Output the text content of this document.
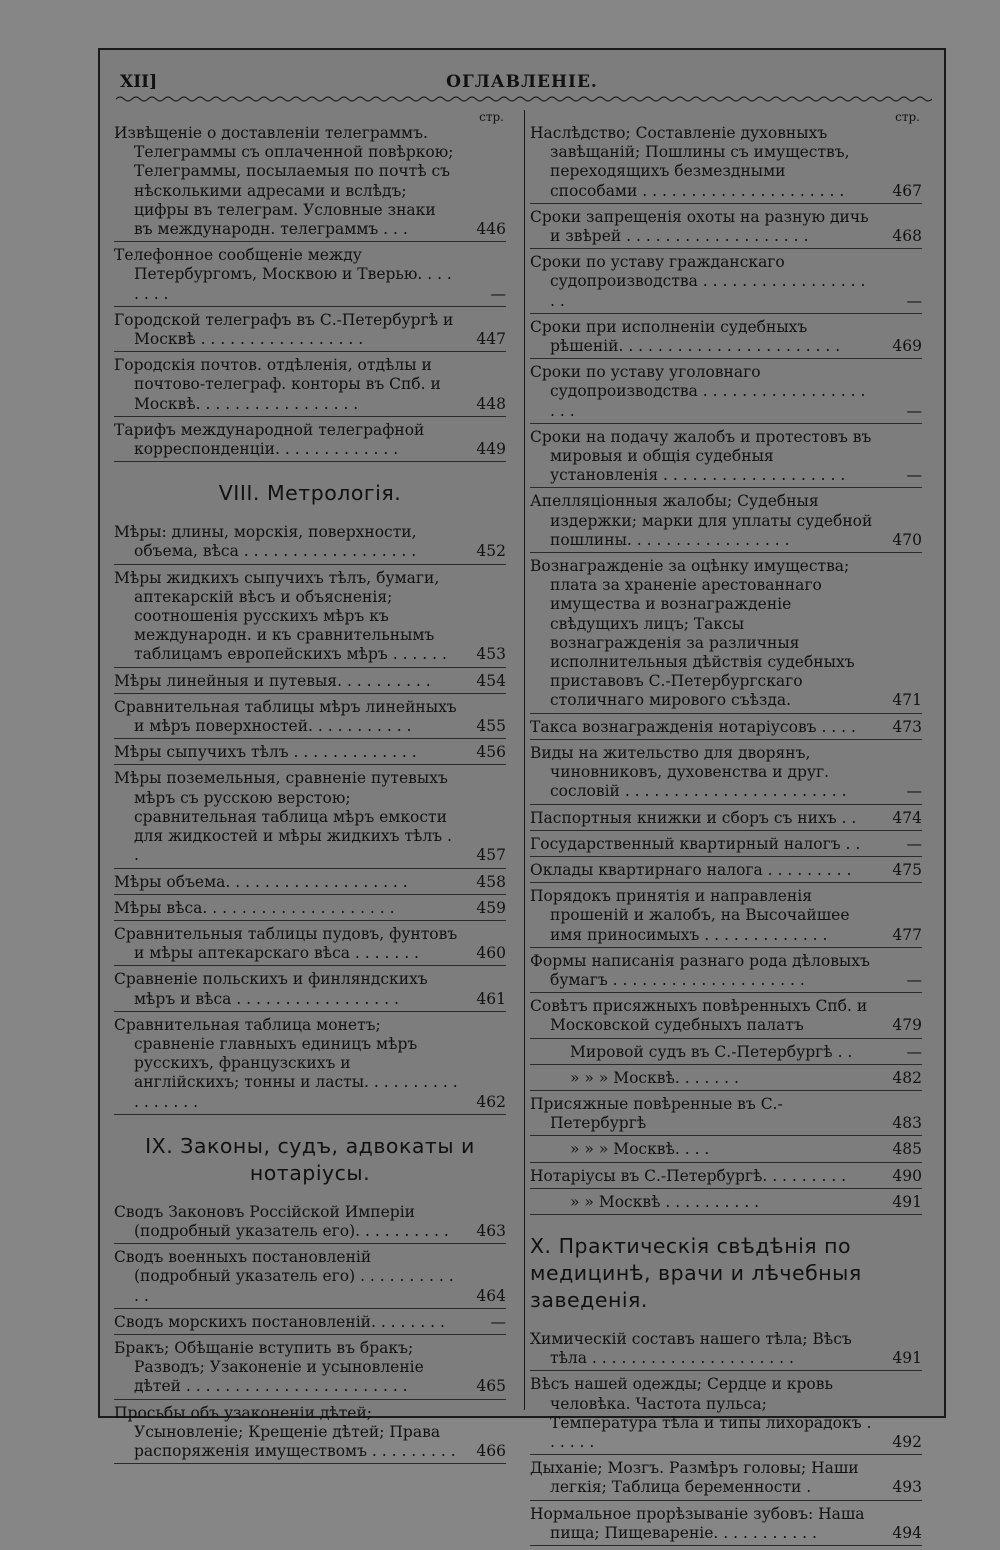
XII]	ОГЛАВЛЕНІЕ.
стр.
Извѣщеніе о доставленіи телеграммъ. Телеграммы съ оплаченной повѣркою; Телеграммы, посылаемыя по почтѣ съ нѣсколькими адресами и вслѣдъ; цифры въ телеграм. Условные знаки въ международн. телеграммъ . . .	446
Телефонное сообщеніе между Петербургомъ, Москвою и Тверью. . . . . . . .	—
Городской телеграфъ въ С.-Петербургѣ и Москвѣ . . . . . . . . . . . . . . . . .	447
Городскія почтов. отдѣленія, отдѣлы и почтово-телеграф. конторы въ Спб. и Москвѣ. . . . . . . . . . . . . . . . .	448
Тарифъ международной телеграфной корреспонденціи. . . . . . . . . . . . .	449
VIII. Метрологія.
Мѣры: длины, морскія, поверхности, объема, вѣса . . . . . . . . . . . . . . . . . .	452
Мѣры жидкихъ сыпучихъ тѣлъ, бумаги, аптекарскій вѣсъ и объясненія; соотношенія русскихъ мѣръ къ международн. и къ сравнительнымъ таблицамъ европейскихъ мѣръ . . . . . .	453
Мѣры линейныя и путевыя. . . . . . . . . .	454
Сравнительная таблицы мѣръ линейныхъ и мѣръ поверхностей. . . . . . . . . . .	455
Мѣры сыпучихъ тѣлъ . . . . . . . . . . . . .	456
Мѣры поземельныя, сравненіе путевыхъ мѣръ съ русскою верстою; сравнительная таблица мѣръ емкости для жидкостей и мѣры жидкихъ тѣлъ . .	457
Мѣры объема. . . . . . . . . . . . . . . . . . .	458
Мѣры вѣса. . . . . . . . . . . . . . . . . . . .	459
Сравнительныя таблицы пудовъ, фунтовъ и мѣры аптекарскаго вѣса . . . . . . .	460
Сравненіе польскихъ и финляндскихъ мѣръ и вѣса . . . . . . . . . . . . . . . . .	461
Сравнительная таблица монетъ; сравненіе главныхъ единицъ мѣръ русскихъ, французскихъ и англійскихъ; тонны и ласты. . . . . . . . . . . . . . . . .	462
IX. Законы, судъ, адвокаты и нотаріусы.
Сводъ Законовъ Россійской Имперіи (подробный указатель его). . . . . . . . . .	463
Сводъ военныхъ постановленій (подробный указатель его) . . . . . . . . . . . .	464
Сводъ морскихъ постановленій. . . . . . . .	—
Бракъ; Обѣщаніе вступить въ бракъ; Разводъ; Узаконеніе и усыновленіе дѣтей . . . . . . . . . . . . . . . . . . . . . . .	465
Просьбы объ узаконеніи дѣтей; Усыновленіе; Крещеніе дѣтей; Права распоряженія имуществомъ . . . . . . . . .	466
стр.
Наслѣдство; Составленіе духовныхъ завѣщаній; Пошлины съ имуществъ, переходящихъ безмездными способами . . . . . . . . . . . . . . . . . . . . .	467
Сроки запрещенія охоты на разную дичь и звѣрей . . . . . . . . . . . . . . . . . . .	468
Сроки по уставу гражданскаго судопроизводства . . . . . . . . . . . . . . . . . . .	—
Сроки при исполненіи судебныхъ рѣшеній. . . . . . . . . . . . . . . . . . . . . . .	469
Сроки по уставу уголовнаго судопроизводства . . . . . . . . . . . . . . . . . . . .	—
Сроки на подачу жалобъ и протестовъ въ мировыя и общія судебныя установленія . . . . . . . . . . . . . . . . . . .	—
Апелляціонныя жалобы; Судебныя издержки; марки для уплаты судебной пошлины. . . . . . . . . . . . . . . . .	470
Вознагражденіе за оцѣнку имущества; плата за храненіе арестованнаго имущества и вознагражденіе свѣдущихъ лицъ; Таксы вознагражденія за различныя исполнительныя дѣйствія судебныхъ приставовъ С.-Петербургскаго столичнаго мирового съѣзда.	471
Такса вознагражденія нотаріусовъ . . . .	473
Виды на жительство для дворянъ, чиновниковъ, духовенства и друг. сословій . . . . . . . . . . . . . . . . . . . . . . .	—
Паспортныя книжки и сборъ съ нихъ . .	474
Государственный квартирный налогъ . .	—
Оклады квартирнаго налога . . . . . . . . .	475
Порядокъ принятія и направленія прошеній и жалобъ, на Высочайшее имя приносимыхъ . . . . . . . . . . . . .	477
Формы написанія разнаго рода дѣловыхъ бумагъ . . . . . . . . . . . . . . . . . . . .	—
Совѣтъ присяжныхъ повѣренныхъ Спб. и Московской судебныхъ палатъ	479
Мировой судъ въ С.-Петербургѣ . .	—
» » » Москвѣ. . . . . . .	482
Присяжные повѣренные въ С.-Петербургѣ	483
» » » Москвѣ. . . .	485
Нотаріусы въ С.-Петербургѣ. . . . . . . . .	490
» » Москвѣ . . . . . . . . . .	491
X. Практическія свѣдѣнія по медицинѣ, врачи и лѣчебныя заведенія.
Химическій составъ нашего тѣла; Вѣсъ тѣла . . . . . . . . . . . . . . . . . . . . .	491
Вѣсъ нашей одежды; Сердце и кровь человѣка. Частота пульса; Температура тѣла и типы лихорадокъ . . . . . .	492
Дыханіе; Мозгъ. Размѣръ головы; Наши легкія; Таблица беременности .	493
Нормальное прорѣзываніе зубовъ: Наша пища; Пищевареніе. . . . . . . . . . .	494
